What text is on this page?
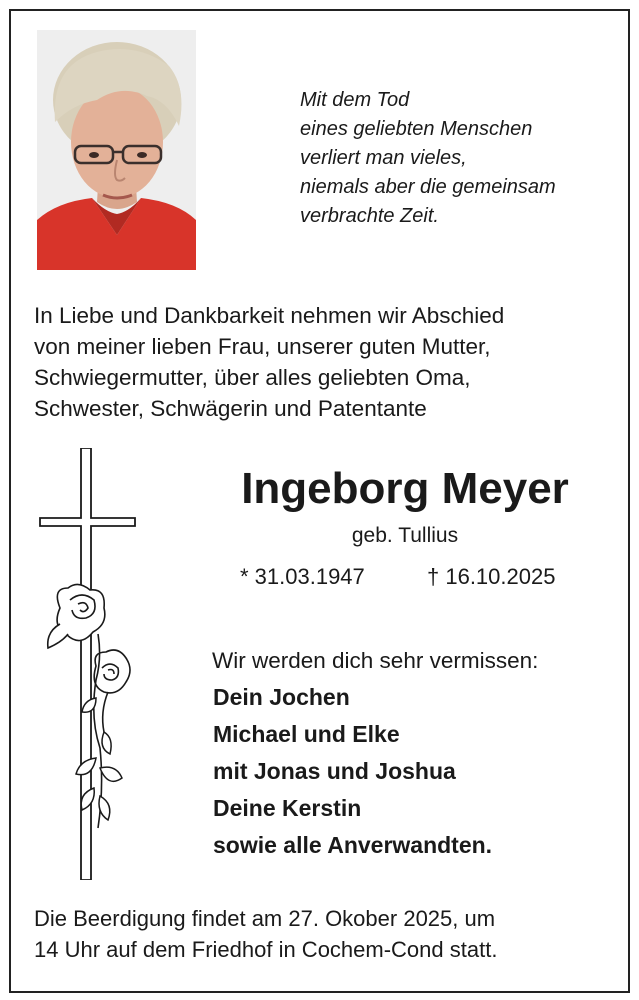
Mit dem Tod
eines geliebten Menschen
verliert man vieles,
niemals aber die gemeinsam
verbrachte Zeit.
In Liebe und Dankbarkeit nehmen wir Abschied
von meiner lieben Frau, unserer guten Mutter,
Schwiegermutter, über alles geliebten Oma,
Schwester, Schwägerin und Patentante
Ingeborg Meyer
geb. Tullius
* 31.03.1947	† 16.10.2025
Wir werden dich sehr vermissen:
Dein Jochen
Michael und Elke
mit Jonas und Joshua
Deine Kerstin
sowie alle Anverwandten.
Die Beerdigung findet am 27. Okober 2025, um
14 Uhr auf dem Friedhof in Cochem-Cond statt.
